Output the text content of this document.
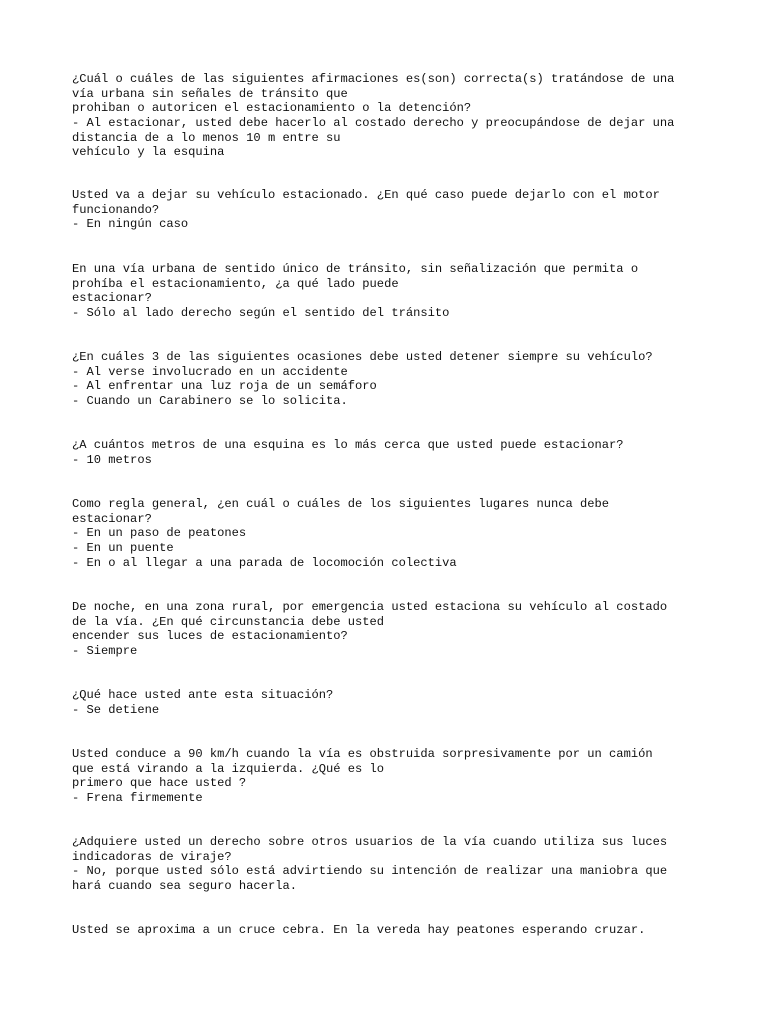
¿Cuál o cuáles de las siguientes afirmaciones es(son) correcta(s) tratándose de una
vía urbana sin señales de tránsito que
prohiban o autoricen el estacionamiento o la detención?
- Al estacionar, usted debe hacerlo al costado derecho y preocupándose de dejar una
distancia de a lo menos 10 m entre su
vehículo y la esquina
Usted va a dejar su vehículo estacionado. ¿En qué caso puede dejarlo con el motor
funcionando?
- En ningún caso
En una vía urbana de sentido único de tránsito, sin señalización que permita o
prohíba el estacionamiento, ¿a qué lado puede
estacionar?
- Sólo al lado derecho según el sentido del tránsito
¿En cuáles 3 de las siguientes ocasiones debe usted detener siempre su vehículo?
- Al verse involucrado en un accidente
- Al enfrentar una luz roja de un semáforo
- Cuando un Carabinero se lo solicita.
¿A cuántos metros de una esquina es lo más cerca que usted puede estacionar?
- 10 metros
Como regla general, ¿en cuál o cuáles de los siguientes lugares nunca debe
estacionar?
- En un paso de peatones
- En un puente
- En o al llegar a una parada de locomoción colectiva
De noche, en una zona rural, por emergencia usted estaciona su vehículo al costado
de la vía. ¿En qué circunstancia debe usted
encender sus luces de estacionamiento?
- Siempre
¿Qué hace usted ante esta situación?
- Se detiene
Usted conduce a 90 km/h cuando la vía es obstruida sorpresivamente por un camión
que está virando a la izquierda. ¿Qué es lo
primero que hace usted ?
- Frena firmemente
¿Adquiere usted un derecho sobre otros usuarios de la vía cuando utiliza sus luces
indicadoras de viraje?
- No, porque usted sólo está advirtiendo su intención de realizar una maniobra que
hará cuando sea seguro hacerla.
Usted se aproxima a un cruce cebra. En la vereda hay peatones esperando cruzar.
